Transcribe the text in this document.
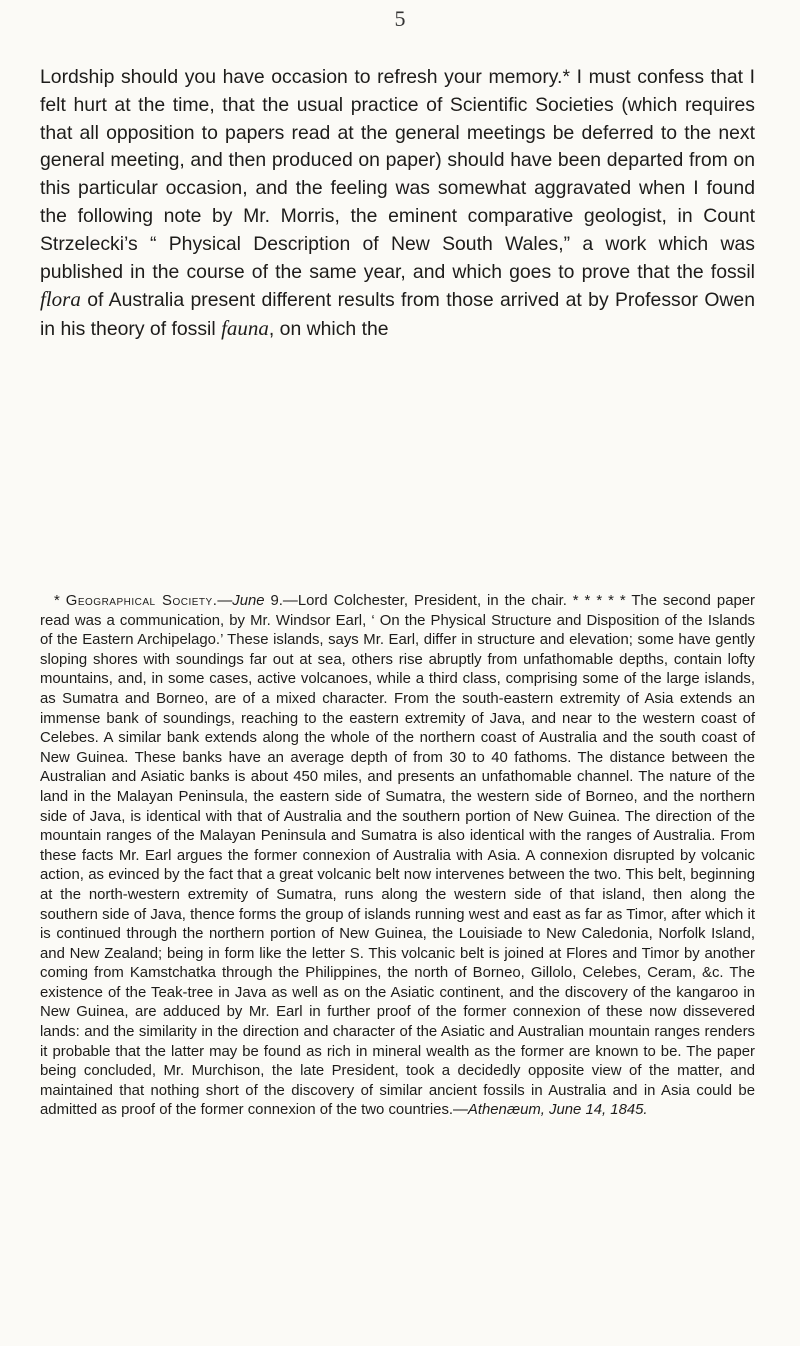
5

Lordship should you have occasion to refresh your memory.* I must confess that I felt hurt at the time, that the usual practice of Scientific Societies (which requires that all opposition to papers read at the general meetings be deferred to the next general meeting, and then produced on paper) should have been departed from on this particular occasion, and the feeling was somewhat aggravated when I found the following note by Mr. Morris, the eminent comparative geologist, in Count Strzelecki’s “ Physical Description of New South Wales,” a work which was published in the course of the same year, and which goes to prove that the fossil flora of Australia present different results from those arrived at by Professor Owen in his theory of fossil fauna, on which the

* Geographical Society.—June 9.—Lord Colchester, President, in the chair. * * * * * The second paper read was a communication, by Mr. Windsor Earl, ‘ On the Physical Structure and Disposition of the Islands of the Eastern Archipelago.’ These islands, says Mr. Earl, differ in structure and elevation; some have gently sloping shores with soundings far out at sea, others rise abruptly from unfathomable depths, contain lofty mountains, and, in some cases, active volcanoes, while a third class, comprising some of the large islands, as Sumatra and Borneo, are of a mixed character. From the south-eastern extremity of Asia extends an immense bank of soundings, reaching to the eastern extremity of Java, and near to the western coast of Celebes. A similar bank extends along the whole of the northern coast of Australia and the south coast of New Guinea. These banks have an average depth of from 30 to 40 fathoms. The distance between the Australian and Asiatic banks is about 450 miles, and presents an unfathomable channel. The nature of the land in the Malayan Peninsula, the eastern side of Sumatra, the western side of Borneo, and the northern side of Java, is identical with that of Australia and the southern portion of New Guinea. The direction of the mountain ranges of the Malayan Peninsula and Sumatra is also identical with the ranges of Australia. From these facts Mr. Earl argues the former connexion of Australia with Asia. A connexion disrupted by volcanic action, as evinced by the fact that a great volcanic belt now intervenes between the two. This belt, beginning at the north-western extremity of Sumatra, runs along the western side of that island, then along the southern side of Java, thence forms the group of islands running west and east as far as Timor, after which it is continued through the northern portion of New Guinea, the Louisiade to New Caledonia, Norfolk Island, and New Zealand; being in form like the letter S. This volcanic belt is joined at Flores and Timor by another coming from Kamstchatka through the Philippines, the north of Borneo, Gillolo, Celebes, Ceram, &c. The existence of the Teak-tree in Java as well as on the Asiatic continent, and the discovery of the kangaroo in New Guinea, are adduced by Mr. Earl in further proof of the former connexion of these now dissevered lands: and the similarity in the direction and character of the Asiatic and Australian mountain ranges renders it probable that the latter may be found as rich in mineral wealth as the former are known to be. The paper being concluded, Mr. Murchison, the late President, took a decidedly opposite view of the matter, and maintained that nothing short of the discovery of similar ancient fossils in Australia and in Asia could be admitted as proof of the former connexion of the two countries.—Athenæum, June 14, 1845.
